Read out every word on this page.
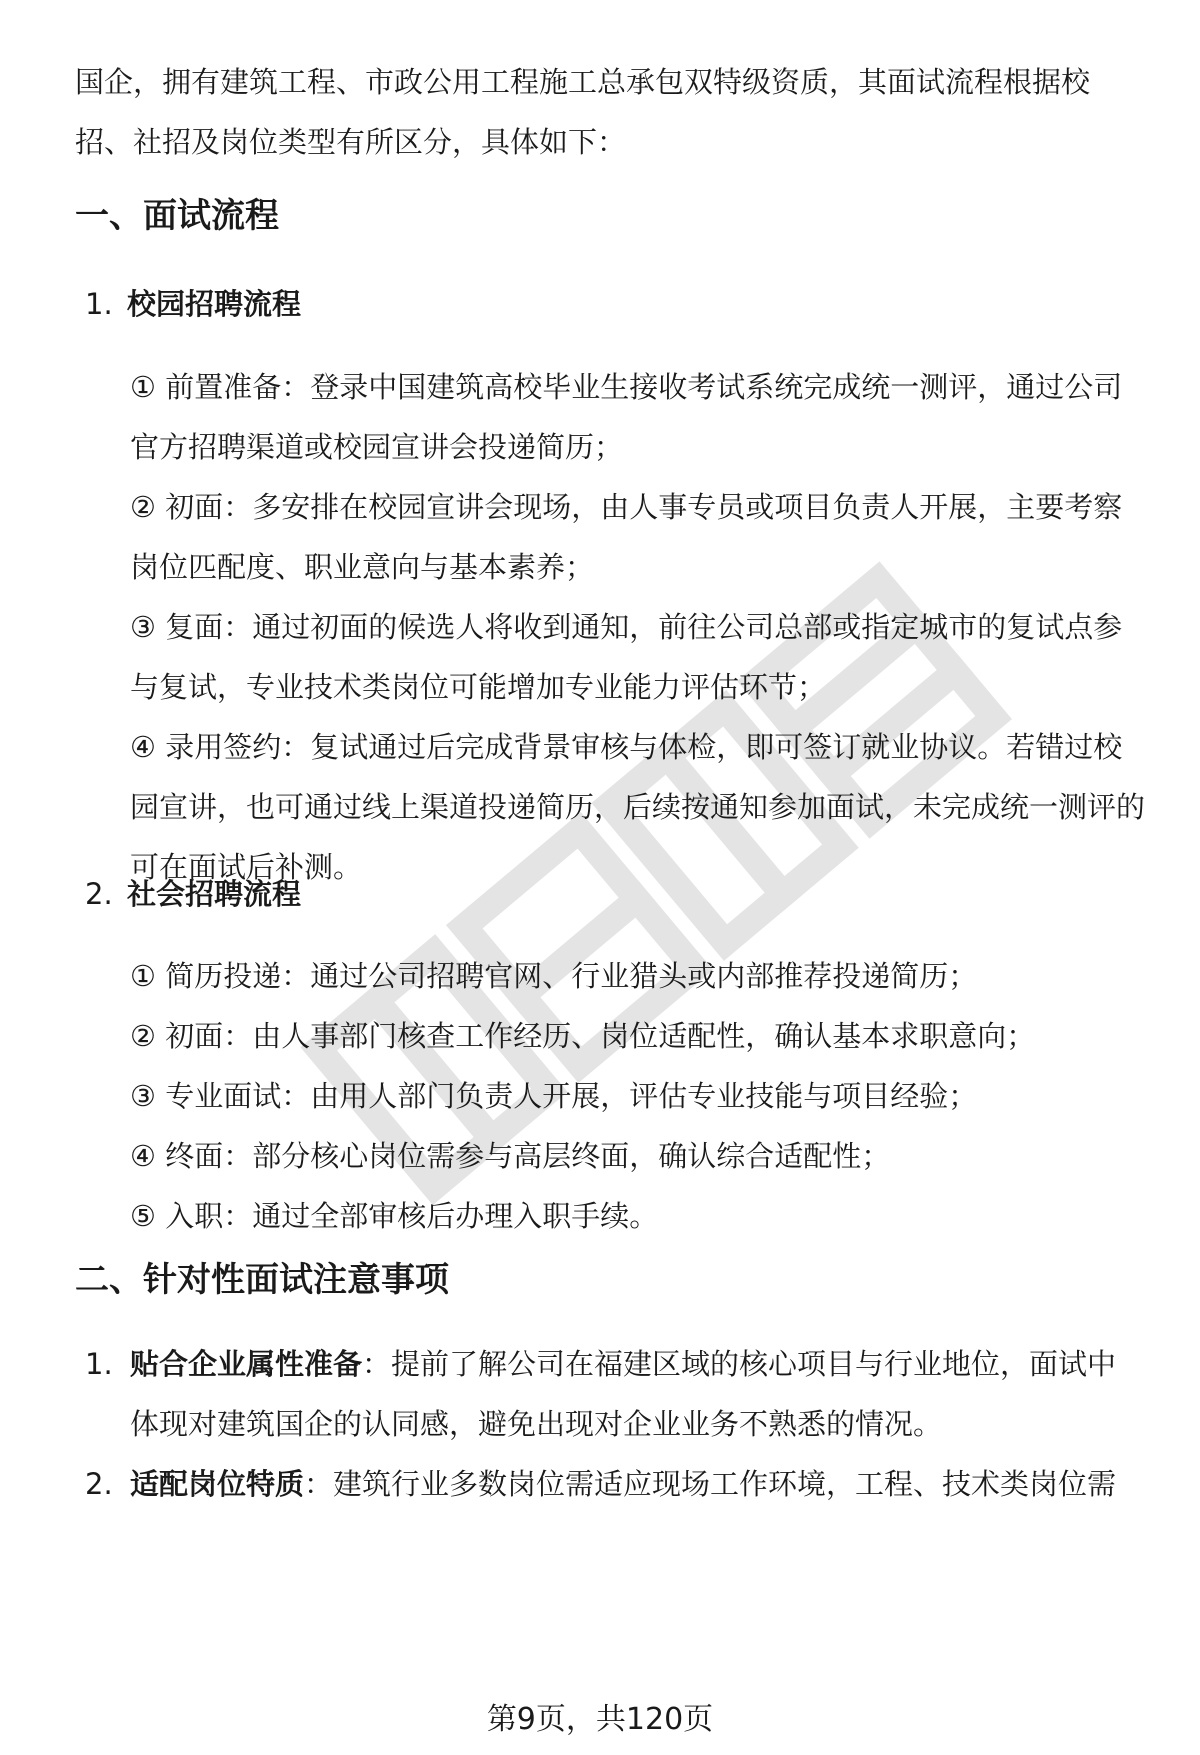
国企，拥有建筑工程、市政公用工程施工总承包双特级资质，其面试流程根据校招、社招及岗位类型有所区分，具体如下：

一、面试流程
1. 校园招聘流程
① 前置准备：登录中国建筑高校毕业生接收考试系统完成统一测评，通过公司官方招聘渠道或校园宣讲会投递简历；
② 初面：多安排在校园宣讲会现场，由人事专员或项目负责人开展，主要考察岗位匹配度、职业意向与基本素养；
③ 复面：通过初面的候选人将收到通知，前往公司总部或指定城市的复试点参与复试，专业技术类岗位可能增加专业能力评估环节；
④ 录用签约：复试通过后完成背景审核与体检，即可签订就业协议。若错过校园宣讲，也可通过线上渠道投递简历，后续按通知参加面试，未完成统一测评的可在面试后补测。
2. 社会招聘流程
① 简历投递：通过公司招聘官网、行业猎头或内部推荐投递简历；
② 初面：由人事部门核查工作经历、岗位适配性，确认基本求职意向；
③ 专业面试：由用人部门负责人开展，评估专业技能与项目经验；
④ 终面：部分核心岗位需参与高层终面，确认综合适配性；
⑤ 入职：通过全部审核后办理入职手续。
二、针对性面试注意事项
1. 贴合企业属性准备：提前了解公司在福建区域的核心项目与行业地位，面试中体现对建筑国企的认同感，避免出现对企业业务不熟悉的情况。
2. 适配岗位特质：建筑行业多数岗位需适应现场工作环境，工程、技术类岗位需
第9页，共120页
